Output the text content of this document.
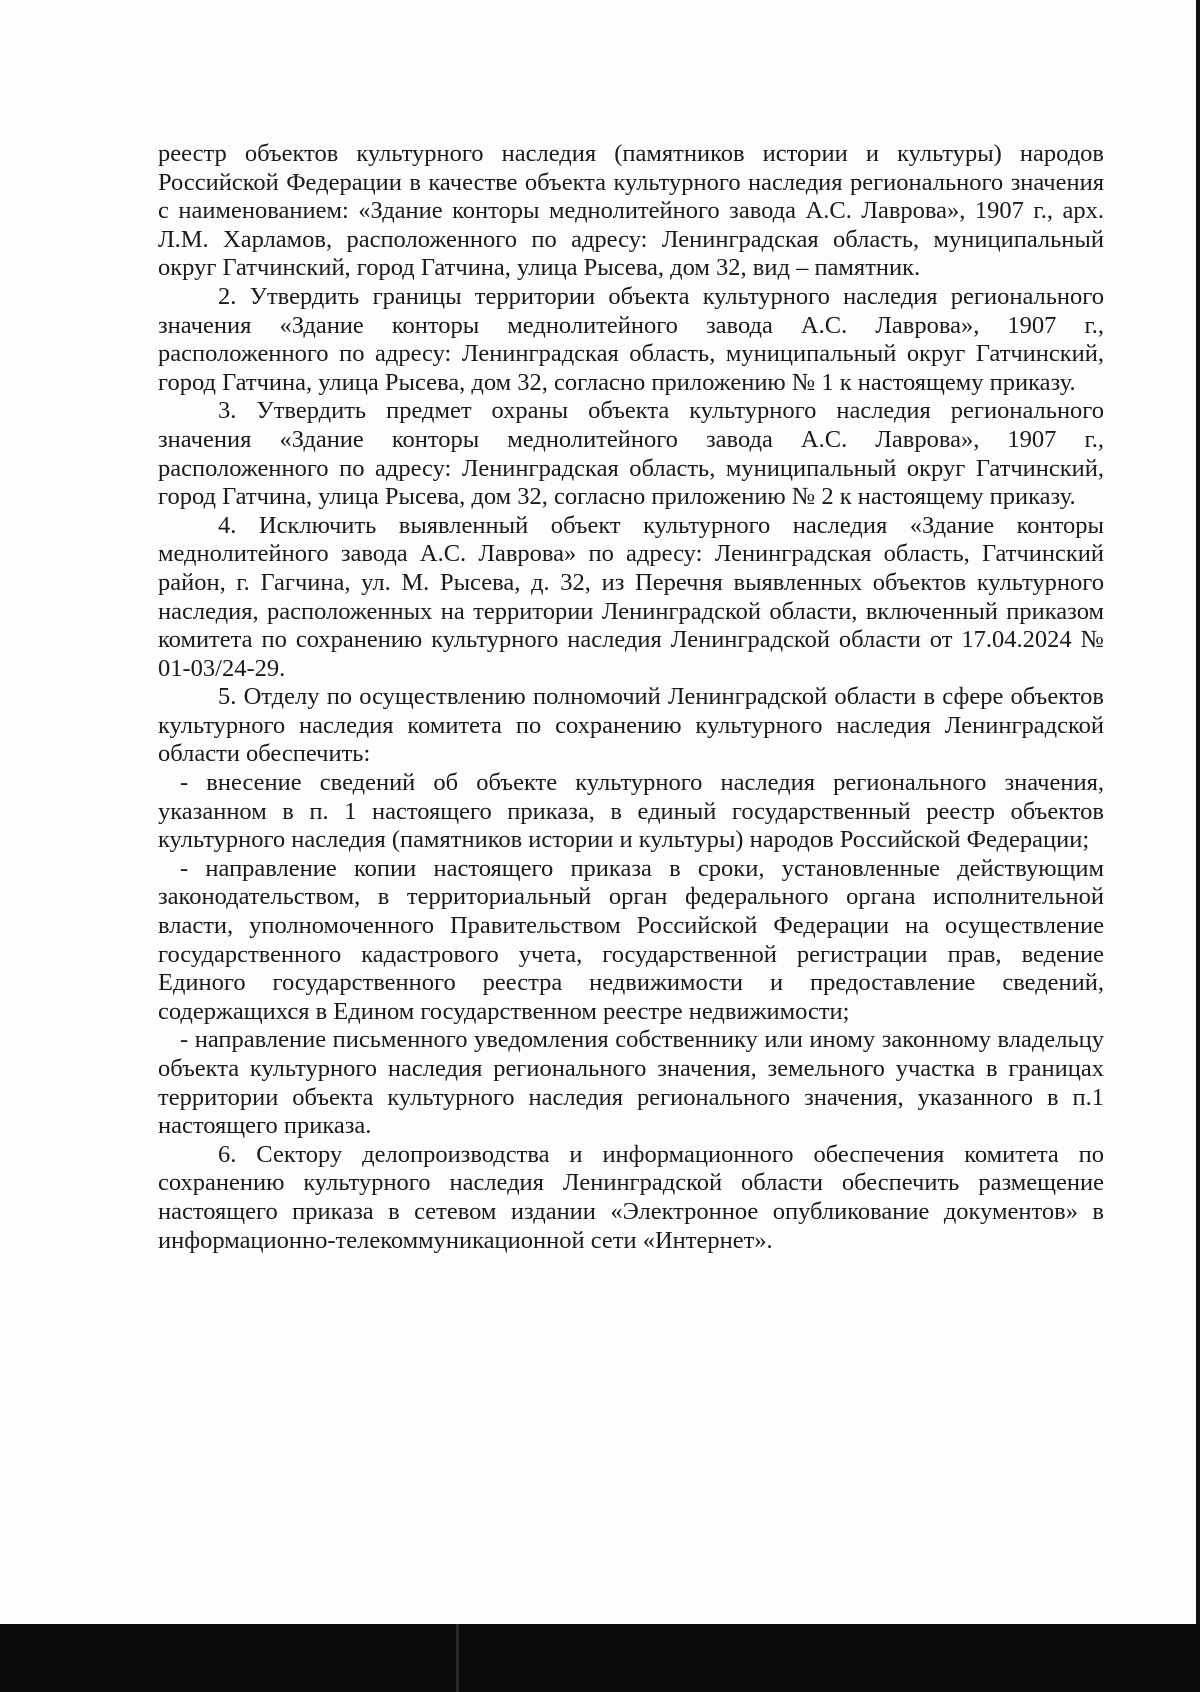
реестр объектов культурного наследия (памятников истории и культуры) народов Российской Федерации в качестве объекта культурного наследия регионального значения с наименованием: «Здание конторы меднолитейного завода А.С. Лаврова», 1907 г., арх. Л.М. Харламов, расположенного по адресу: Ленинградская область, муниципальный округ Гатчинский, город Гатчина, улица Рысева, дом 32, вид – памятник.

2. Утвердить границы территории объекта культурного наследия регионального значения «Здание конторы меднолитейного завода А.С. Лаврова», 1907 г., расположенного по адресу: Ленинградская область, муниципальный округ Гатчинский, город Гатчина, улица Рысева, дом 32, согласно приложению № 1 к настоящему приказу.

3. Утвердить предмет охраны объекта культурного наследия регионального значения «Здание конторы меднолитейного завода А.С. Лаврова», 1907 г., расположенного по адресу: Ленинградская область, муниципальный округ Гатчинский, город Гатчина, улица Рысева, дом 32, согласно приложению № 2 к настоящему приказу.

4. Исключить выявленный объект культурного наследия «Здание конторы меднолитейного завода А.С. Лаврова» по адресу: Ленинградская область, Гатчинский район, г. Гагчина, ул. М. Рысева, д. 32, из Перечня выявленных объектов культурного наследия, расположенных на территории Ленинградской области, включенный приказом комитета по сохранению культурного наследия Ленинградской области от 17.04.2024 № 01-03/24-29.

5. Отделу по осуществлению полномочий Ленинградской области в сфере объектов культурного наследия комитета по сохранению культурного наследия Ленинградской области обеспечить:

- внесение сведений об объекте культурного наследия регионального значения, указанном в п. 1 настоящего приказа, в единый государственный реестр объектов культурного наследия (памятников истории и культуры) народов Российской Федерации;

- направление копии настоящего приказа в сроки, установленные действующим законодательством, в территориальный орган федерального органа исполнительной власти, уполномоченного Правительством Российской Федерации на осуществление государственного кадастрового учета, государственной регистрации прав, ведение Единого государственного реестра недвижимости и предоставление сведений, содержащихся в Едином государственном реестре недвижимости;

- направление письменного уведомления собственнику или иному законному владельцу объекта культурного наследия регионального значения, земельного участка в границах территории объекта культурного наследия регионального значения, указанного в п.1 настоящего приказа.

6. Сектору делопроизводства и информационного обеспечения комитета по сохранению культурного наследия Ленинградской области обеспечить размещение настоящего приказа в сетевом издании «Электронное опубликование документов» в информационно-телекоммуникационной сети «Интернет».
